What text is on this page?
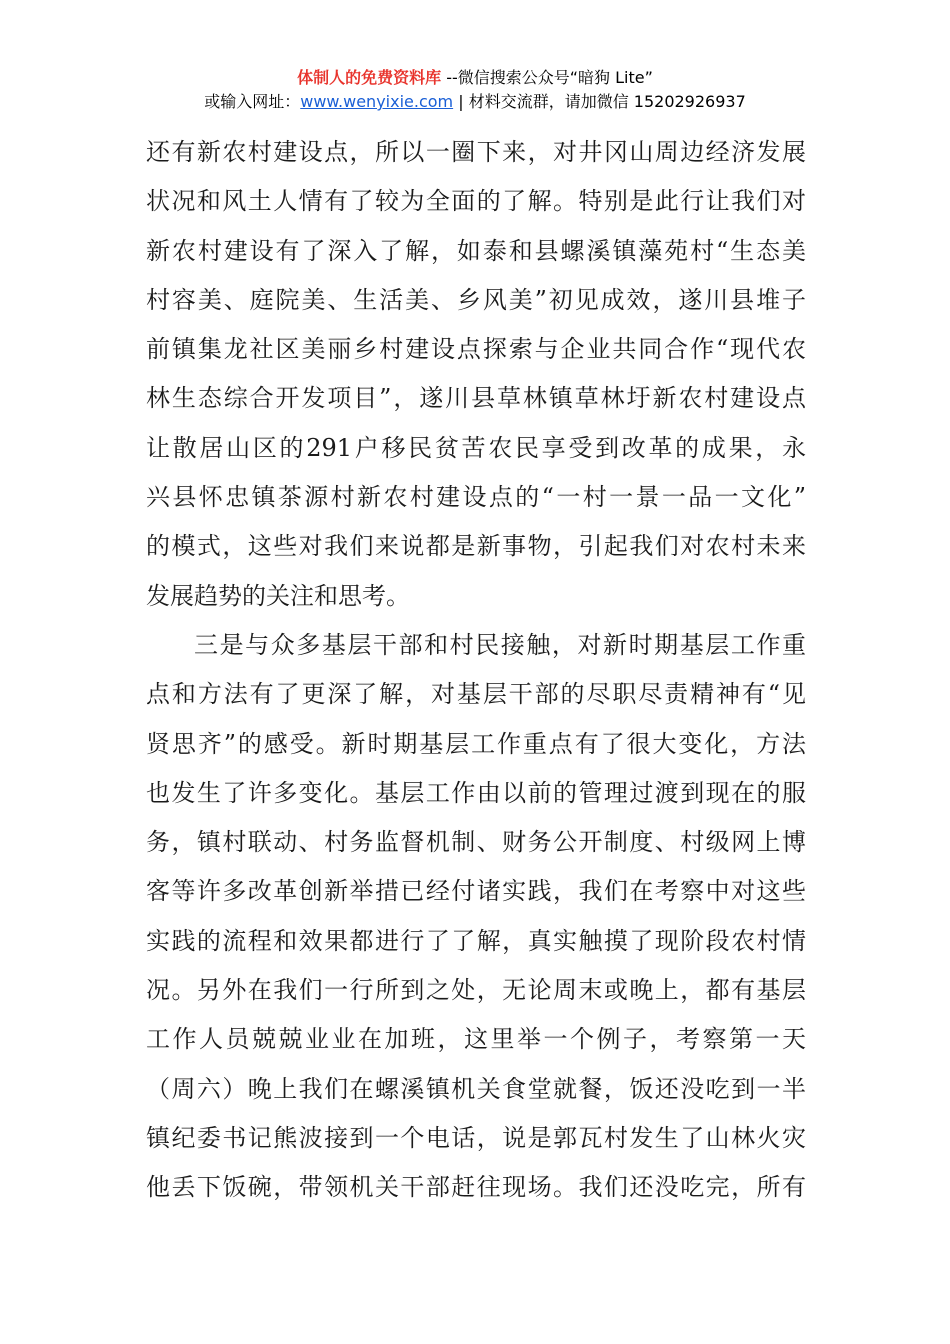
体制人的免费资料库 --微信搜索公众号“暗狗 Lite”
或输入网址：www.wenyixie.com | 材料交流群，请加微信 15202926937
还有新农村建设点，所以一圈下来，对井冈山周边经济发展
状况和风土人情有了较为全面的了解。特别是此行让我们对
新农村建设有了深入了解，如泰和县螺溪镇藻苑村“生态美
村容美、庭院美、生活美、乡风美”初见成效，遂川县堆子
前镇集龙社区美丽乡村建设点探索与企业共同合作“现代农
林生态综合开发项目”，遂川县草林镇草林圩新农村建设点
让散居山区的291户移民贫苦农民享受到改革的成果，永
兴县怀忠镇茶源村新农村建设点的“一村一景一品一文化”
的模式，这些对我们来说都是新事物，引起我们对农村未来
发展趋势的关注和思考。
三是与众多基层干部和村民接触，对新时期基层工作重
点和方法有了更深了解，对基层干部的尽职尽责精神有“见
贤思齐”的感受。新时期基层工作重点有了很大变化，方法
也发生了许多变化。基层工作由以前的管理过渡到现在的服
务，镇村联动、村务监督机制、财务公开制度、村级网上博
客等许多改革创新举措已经付诸实践，我们在考察中对这些
实践的流程和效果都进行了了解，真实触摸了现阶段农村情
况。另外在我们一行所到之处，无论周末或晚上，都有基层
工作人员兢兢业业在加班，这里举一个例子，考察第一天
（周六）晚上我们在螺溪镇机关食堂就餐，饭还没吃到一半
镇纪委书记熊波接到一个电话，说是郭瓦村发生了山林火灾
他丢下饭碗，带领机关干部赶往现场。我们还没吃完，所有
